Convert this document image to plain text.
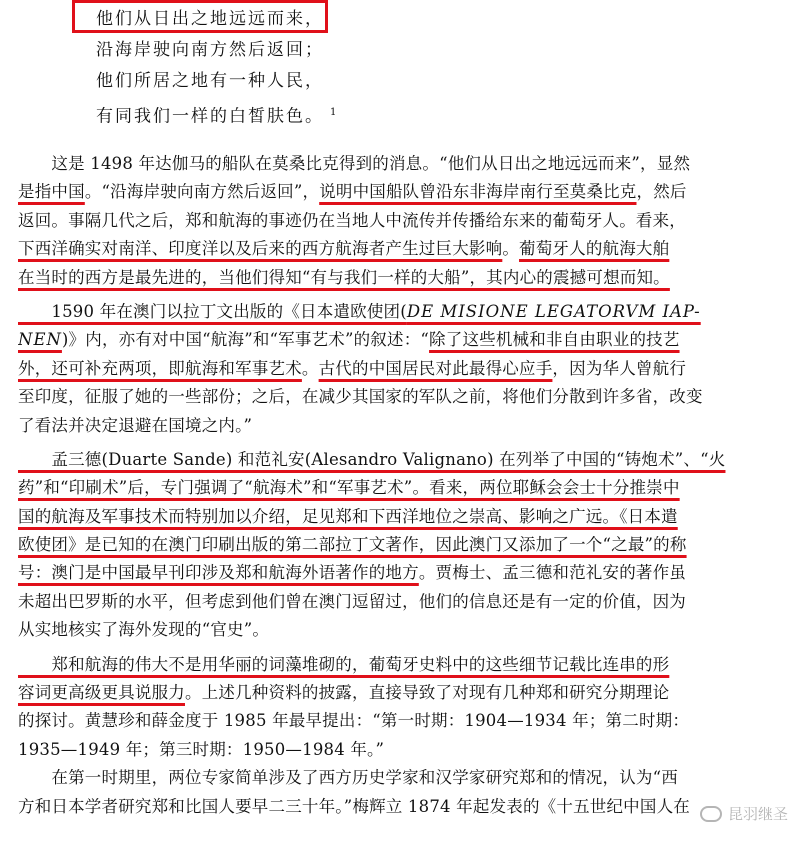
他们从日出之地远远而来，
沿海岸驶向南方然后返回；
他们所居之地有一种人民，
有同我们一样的白皙肤色。 $^1$
　　这是 1498 年达伽马的船队在莫桑比克得到的消息。“他们从日出之地远远而来”，显然
是指中国。“沿海岸驶向南方然后返回”，说明中国船队曾沿东非海岸南行至莫桑比克，然后
返回。事隔几代之后，郑和航海的事迹仍在当地人中流传并传播给东来的葡萄牙人。看来，
下西洋确实对南洋、印度洋以及后来的西方航海者产生过巨大影响。葡萄牙人的航海大舶
在当时的西方是最先进的，当他们得知“有与我们一样的大船”，其内心的震撼可想而知。
　　1590 年在澳门以拉丁文出版的《日本遣欧使团(DE MISIONE LEGATORVM IAP-
NEN)》内，亦有对中国“航海”和“军事艺术”的叙述：“除了这些机械和非自由职业的技艺
外，还可补充两项，即航海和军事艺术。古代的中国居民对此最得心应手，因为华人曾航行
至印度，征服了她的一些部份；之后，在减少其国家的军队之前，将他们分散到许多省，改变
了看法并决定退避在国境之内。”
　　孟三德(Duarte Sande) 和范礼安(Alesandro Valignano) 在列举了中国的“铸炮术”、“火
药”和“印刷术”后，专门强调了“航海术”和“军事艺术”。看来，两位耶稣会会士十分推崇中
国的航海及军事技术而特别加以介绍，足见郑和下西洋地位之崇高、影响之广远。《日本遣
欧使团》是已知的在澳门印刷出版的第二部拉丁文著作，因此澳门又添加了一个“之最”的称
号：澳门是中国最早刊印涉及郑和航海外语著作的地方。贾梅士、孟三德和范礼安的著作虽
未超出巴罗斯的水平，但考虑到他们曾在澳门逗留过，他们的信息还是有一定的价值，因为
从实地核实了海外发现的“官史”。
　　郑和航海的伟大不是用华丽的词藻堆砌的，葡萄牙史料中的这些细节记载比连串的形
容词更高级更具说服力。上述几种资料的披露，直接导致了对现有几种郑和研究分期理论
的探讨。黄慧珍和薛金度于 1985 年最早提出：“第一时期：1904—1934 年；第二时期：
1935—1949 年；第三时期：1950—1984 年。”
　　在第一时期里，两位专家简单涉及了西方历史学家和汉学家研究郑和的情况，认为“西
方和日本学者研究郑和比国人要早二三十年。”梅辉立 1874 年起发表的《十五世纪中国人在	昆羽继圣
